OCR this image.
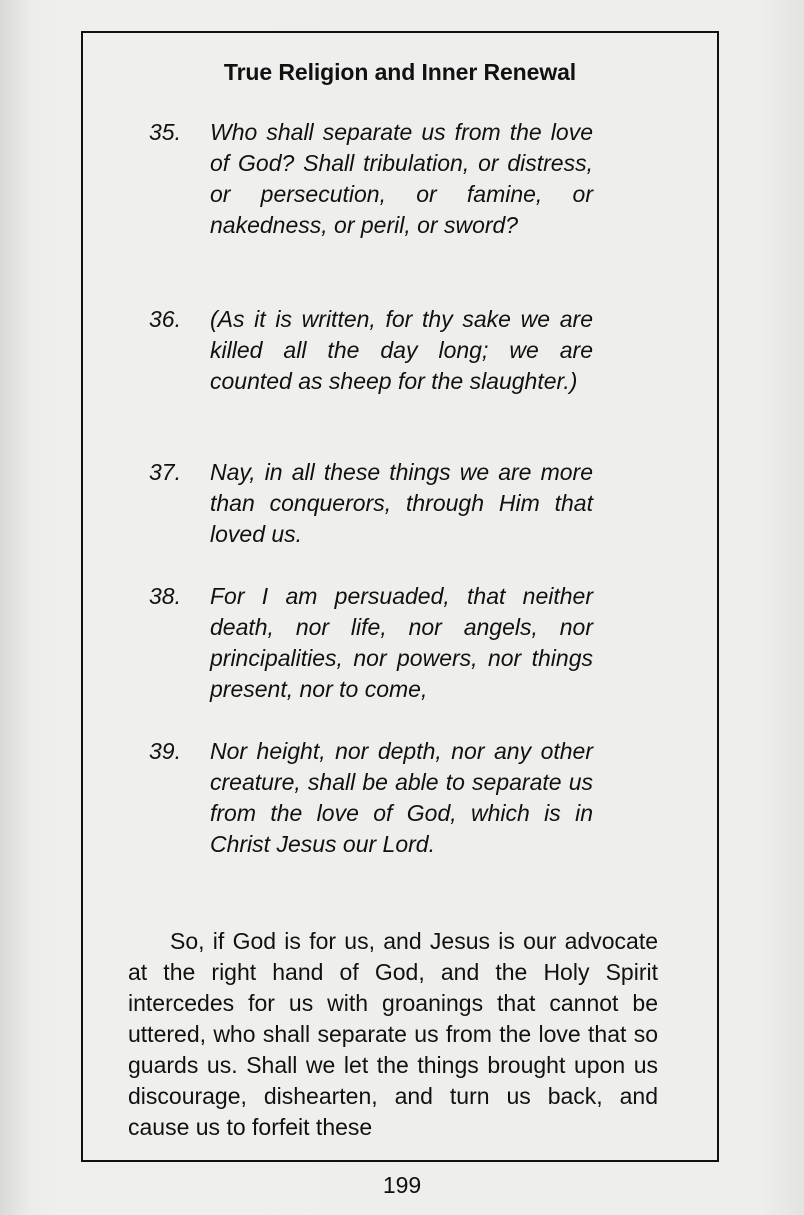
True Religion and Inner Renewal
35.	Who shall separate us from the love of God? Shall tribulation, or distress, or persecution, or famine, or nakedness, or peril, or sword?
36.	(As it is written, for thy sake we are killed all the day long; we are counted as sheep for the slaughter.)
37.	Nay, in all these things we are more than conquerors, through Him that loved us.
38.	For I am persuaded, that neither death, nor life, nor angels, nor principalities, nor powers, nor things present, nor to come,
39.	Nor height, nor depth, nor any other creature, shall be able to separate us from the love of God, which is in Christ Jesus our Lord.
So, if God is for us, and Jesus is our advocate at the right hand of God, and the Holy Spirit intercedes for us with groanings that cannot be uttered, who shall separate us from the love that so guards us. Shall we let the things brought upon us discourage, dishearten, and turn us back, and cause us to forfeit these
199
